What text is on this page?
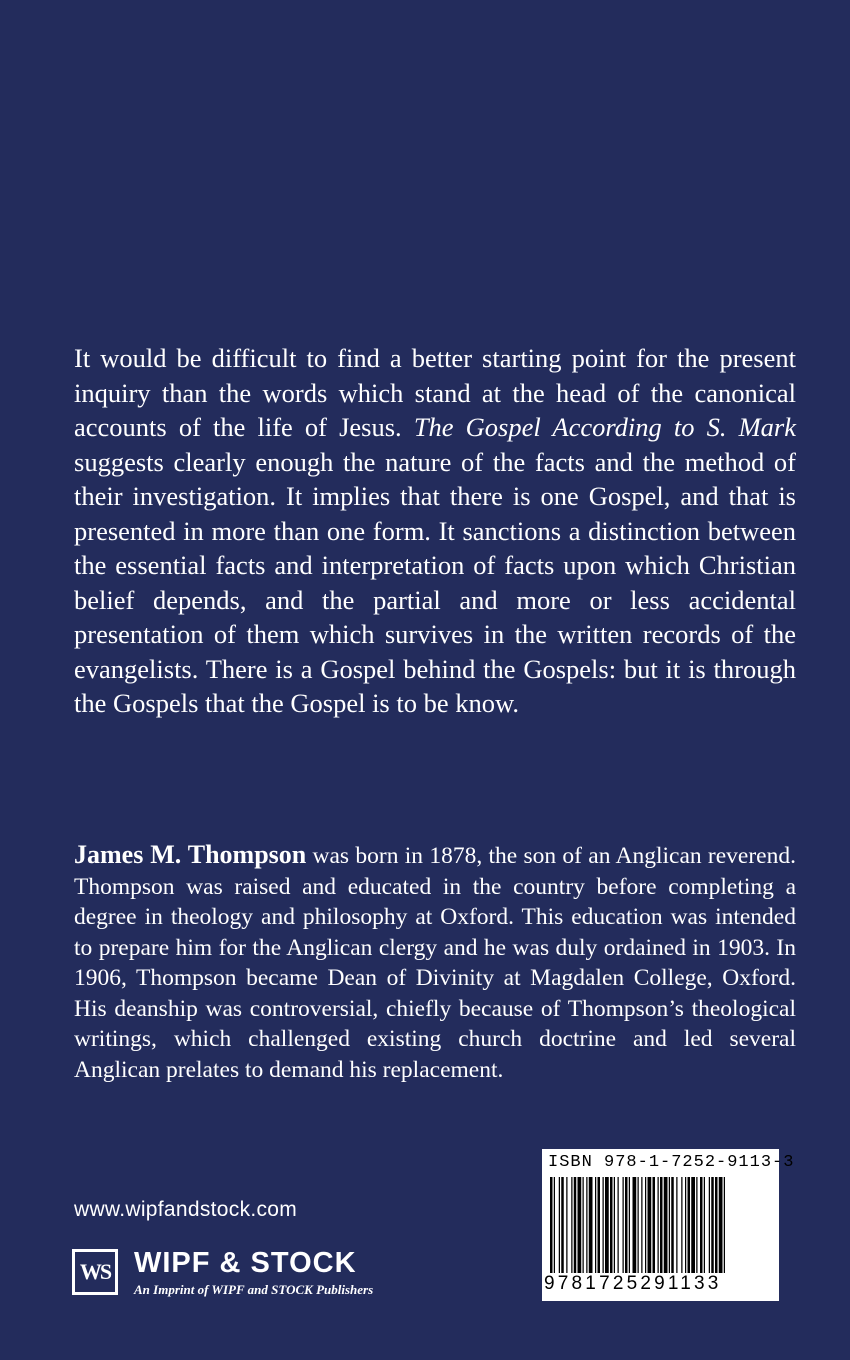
It would be difficult to find a better starting point for the present inquiry than the words which stand at the head of the canonical accounts of the life of Jesus. The Gospel According to S. Mark suggests clearly enough the nature of the facts and the method of their investigation. It implies that there is one Gospel, and that is presented in more than one form. It sanctions a distinction between the essential facts and interpretation of facts upon which Christian belief depends, and the partial and more or less accidental presentation of them which survives in the written records of the evangelists. There is a Gospel behind the Gospels: but it is through the Gospels that the Gospel is to be know.

James M. Thompson was born in 1878, the son of an Anglican reverend. Thompson was raised and educated in the country before completing a degree in theology and philosophy at Oxford. This education was intended to prepare him for the Anglican clergy and he was duly ordained in 1903. In 1906, Thompson became Dean of Divinity at Magdalen College, Oxford. His deanship was controversial, chiefly because of Thompson’s theological writings, which challenged existing church doctrine and led several Anglican prelates to demand his replacement.

www.wipfandstock.com
WS WIPF & STOCK
An Imprint of WIPF and STOCK Publishers
ISBN 978-1-7252-9113-3
9781725291133
